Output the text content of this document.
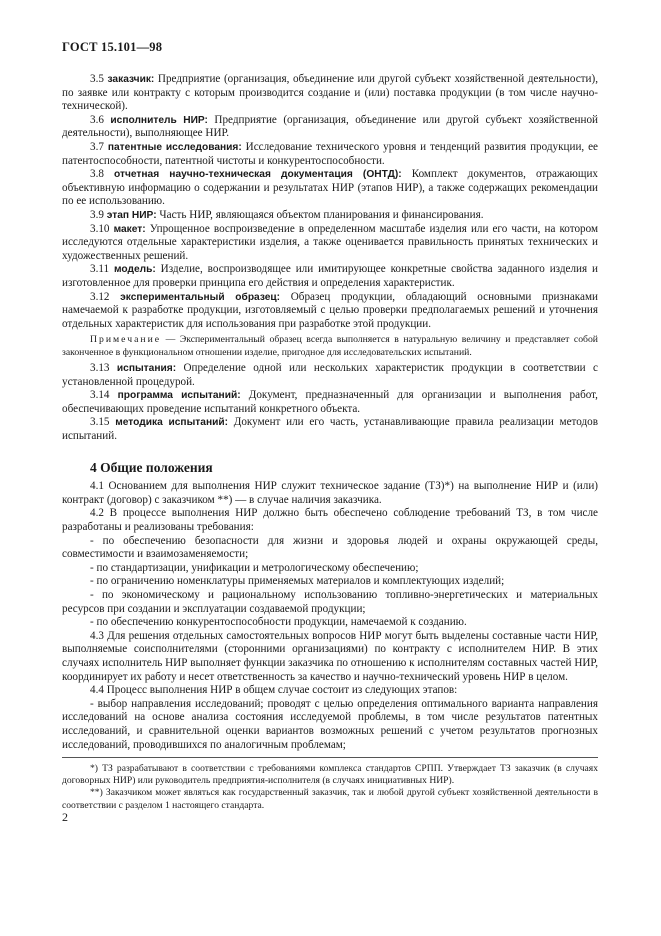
ГОСТ 15.101—98

3.5 заказчик: Предприятие (организация, объединение или другой субъект хозяйственной деятельности), по заявке или контракту с которым производится создание и (или) поставка продукции (в том числе научно-технической).

3.6 исполнитель НИР: Предприятие (организация, объединение или другой субъект хозяйственной деятельности), выполняющее НИР.

3.7 патентные исследования: Исследование технического уровня и тенденций развития продукции, ее патентоспособности, патентной чистоты и конкурентоспособности.

3.8 отчетная научно-техническая документация (ОНТД): Комплект документов, отражающих объективную информацию о содержании и результатах НИР (этапов НИР), а также содержащих рекомендации по ее использованию.

3.9 этап НИР: Часть НИР, являющаяся объектом планирования и финансирования.

3.10 макет: Упрощенное воспроизведение в определенном масштабе изделия или его части, на котором исследуются отдельные характеристики изделия, а также оценивается правильность принятых технических и художественных решений.

3.11 модель: Изделие, воспроизводящее или имитирующее конкретные свойства заданного изделия и изготовленное для проверки принципа его действия и определения характеристик.

3.12 экспериментальный образец: Образец продукции, обладающий основными признаками намечаемой к разработке продукции, изготовляемый с целью проверки предполагаемых решений и уточнения отдельных характеристик для использования при разработке этой продукции.

Примечание — Экспериментальный образец всегда выполняется в натуральную величину и представляет собой законченное в функциональном отношении изделие, пригодное для исследовательских испытаний.

3.13 испытания: Определение одной или нескольких характеристик продукции в соответствии с установленной процедурой.

3.14 программа испытаний: Документ, предназначенный для организации и выполнения работ, обеспечивающих проведение испытаний конкретного объекта.

3.15 методика испытаний: Документ или его часть, устанавливающие правила реализации методов испытаний.

4 Общие положения

4.1 Основанием для выполнения НИР служит техническое задание (ТЗ)*) на выполнение НИР и (или) контракт (договор) с заказчиком **) — в случае наличия заказчика.

4.2 В процессе выполнения НИР должно быть обеспечено соблюдение требований ТЗ, в том числе разработаны и реализованы требования:

- по обеспечению безопасности для жизни и здоровья людей и охраны окружающей среды, совместимости и взаимозаменяемости;

- по стандартизации, унификации и метрологическому обеспечению;

- по ограничению номенклатуры применяемых материалов и комплектующих изделий;

- по экономическому и рациональному использованию топливно-энергетических и материальных ресурсов при создании и эксплуатации создаваемой продукции;

- по обеспечению конкурентоспособности продукции, намечаемой к созданию.

4.3 Для решения отдельных самостоятельных вопросов НИР могут быть выделены составные части НИР, выполняемые соисполнителями (сторонними организациями) по контракту с исполнителем НИР. В этих случаях исполнитель НИР выполняет функции заказчика по отношению к исполнителям составных частей НИР, координирует их работу и несет ответственность за качество и научно-технический уровень НИР в целом.

4.4 Процесс выполнения НИР в общем случае состоит из следующих этапов:

- выбор направления исследований; проводят с целью определения оптимального варианта направления исследований на основе анализа состояния исследуемой проблемы, в том числе результатов патентных исследований, и сравнительной оценки вариантов возможных решений с учетом результатов прогнозных исследований, проводившихся по аналогичным проблемам;

*) ТЗ разрабатывают в соответствии с требованиями комплекса стандартов СРПП. Утверждает ТЗ заказчик (в случаях договорных НИР) или руководитель предприятия-исполнителя (в случаях инициативных НИР).

**) Заказчиком может являться как государственный заказчик, так и любой другой субъект хозяйственной деятельности в соответствии с разделом 1 настоящего стандарта.

2
